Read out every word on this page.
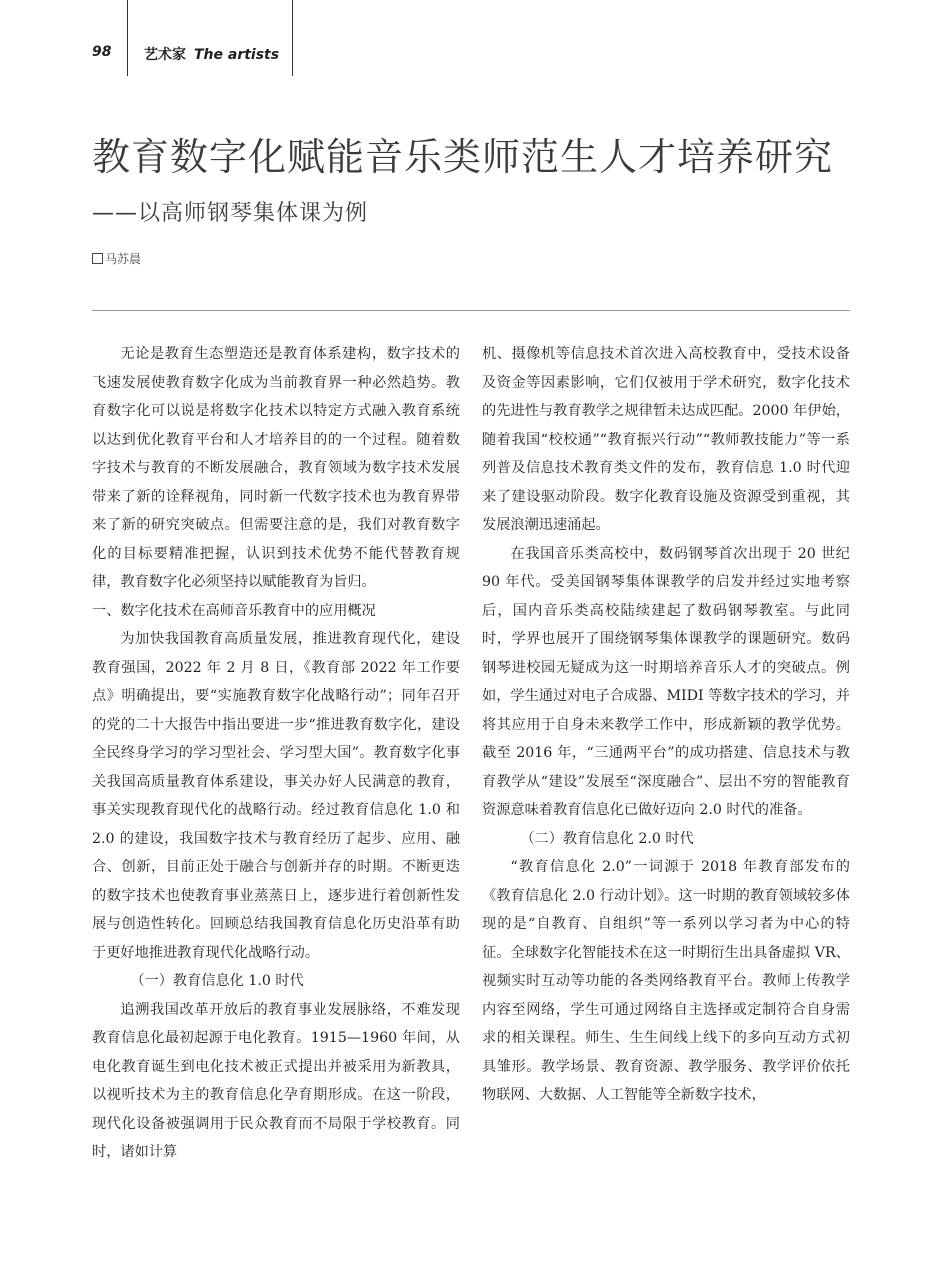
98 艺术家 The artists
教育数字化赋能音乐类师范生人才培养研究
——以高师钢琴集体课为例
马苏晨

无论是教育生态塑造还是教育体系建构，数字技术的飞速发展使教育数字化成为当前教育界一种必然趋势。教育数字化可以说是将数字化技术以特定方式融入教育系统以达到优化教育平台和人才培养目的的一个过程。随着数字技术与教育的不断发展融合，教育领域为数字技术发展带来了新的诠释视角，同时新一代数字技术也为教育界带来了新的研究突破点。但需要注意的是，我们对教育数字化的目标要精准把握，认识到技术优势不能代替教育规律，教育数字化必须坚持以赋能教育为旨归。

一、数字化技术在高师音乐教育中的应用概况

为加快我国教育高质量发展，推进教育现代化，建设教育强国，2022 年 2 月 8 日，《教育部 2022 年工作要点》明确提出，要“实施教育数字化战略行动”；同年召开的党的二十大报告中指出要进一步“推进教育数字化，建设全民终身学习的学习型社会、学习型大国”。教育数字化事关我国高质量教育体系建设，事关办好人民满意的教育，事关实现教育现代化的战略行动。经过教育信息化 1.0 和 2.0 的建设，我国数字技术与教育经历了起步、应用、融合、创新，目前正处于融合与创新并存的时期。不断更迭的数字技术也使教育事业蒸蒸日上，逐步进行着创新性发展与创造性转化。回顾总结我国教育信息化历史沿革有助于更好地推进教育现代化战略行动。

（一）教育信息化 1.0 时代

追溯我国改革开放后的教育事业发展脉络，不难发现教育信息化最初起源于电化教育。1915—1960 年间，从电化教育诞生到电化技术被正式提出并被采用为新教具，以视听技术为主的教育信息化孕育期形成。在这一阶段，现代化设备被强调用于民众教育而不局限于学校教育。同时，诸如计算

机、摄像机等信息技术首次进入高校教育中，受技术设备及资金等因素影响，它们仅被用于学术研究，数字化技术的先进性与教育教学之规律暂未达成匹配。2000 年伊始，随着我国“校校通”“教育振兴行动”“教师教技能力”等一系列普及信息技术教育类文件的发布，教育信息 1.0 时代迎来了建设驱动阶段。数字化教育设施及资源受到重视，其发展浪潮迅速涌起。

在我国音乐类高校中，数码钢琴首次出现于 20 世纪 90 年代。受美国钢琴集体课教学的启发并经过实地考察后，国内音乐类高校陆续建起了数码钢琴教室。与此同时，学界也展开了围绕钢琴集体课教学的课题研究。数码钢琴进校园无疑成为这一时期培养音乐人才的突破点。例如，学生通过对电子合成器、MIDI 等数字技术的学习，并将其应用于自身未来教学工作中，形成新颖的教学优势。截至 2016 年，“三通两平台”的成功搭建、信息技术与教育教学从“建设”发展至“深度融合”、层出不穷的智能教育资源意味着教育信息化已做好迈向 2.0 时代的准备。

（二）教育信息化 2.0 时代

“教育信息化 2.0”一词源于 2018 年教育部发布的《教育信息化 2.0 行动计划》。这一时期的教育领域较多体现的是“自教育、自组织”等一系列以学习者为中心的特征。全球数字化智能技术在这一时期衍生出具备虚拟 VR、视频实时互动等功能的各类网络教育平台。教师上传教学内容至网络，学生可通过网络自主选择或定制符合自身需求的相关课程。师生、生生间线上线下的多向互动方式初具雏形。教学场景、教育资源、教学服务、教学评价依托物联网、大数据、人工智能等全新数字技术，
